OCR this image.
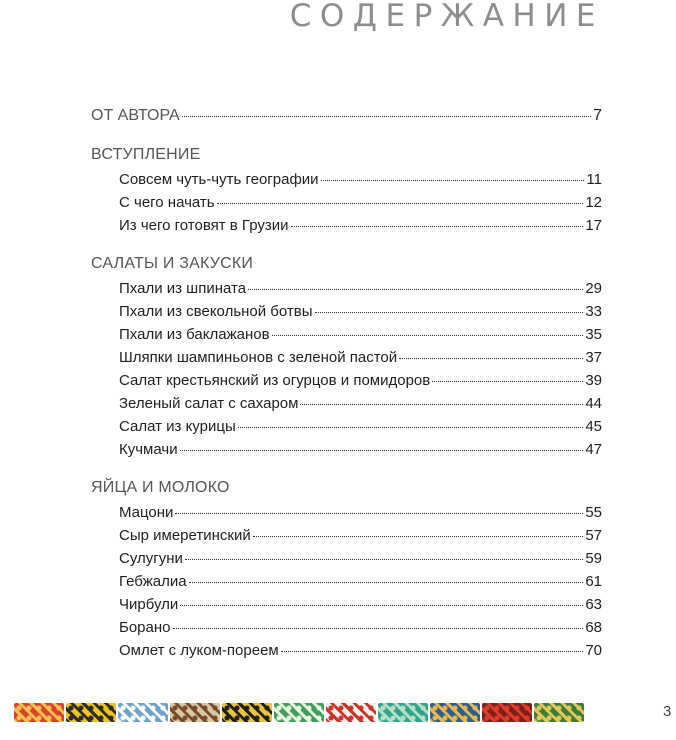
СОДЕРЖАНИЕ
ОТ АВТОРА	7
ВСТУПЛЕНИЕ
Совсем чуть-чуть географии	11
С чего начать	12
Из чего готовят в Грузии	17
САЛАТЫ И ЗАКУСКИ
Пхали из шпината	29
Пхали из свекольной ботвы	33
Пхали из баклажанов	35
Шляпки шампиньонов с зеленой пастой	37
Салат крестьянский из огурцов и помидоров	39
Зеленый салат с сахаром	44
Салат из курицы	45
Кучмачи	47
ЯЙЦА И МОЛОКО
Мацони	55
Сыр имеретинский	57
Сулугуни	59
Гебжалиа	61
Чирбули	63
Борано	68
Омлет с луком-пореем	70
3
